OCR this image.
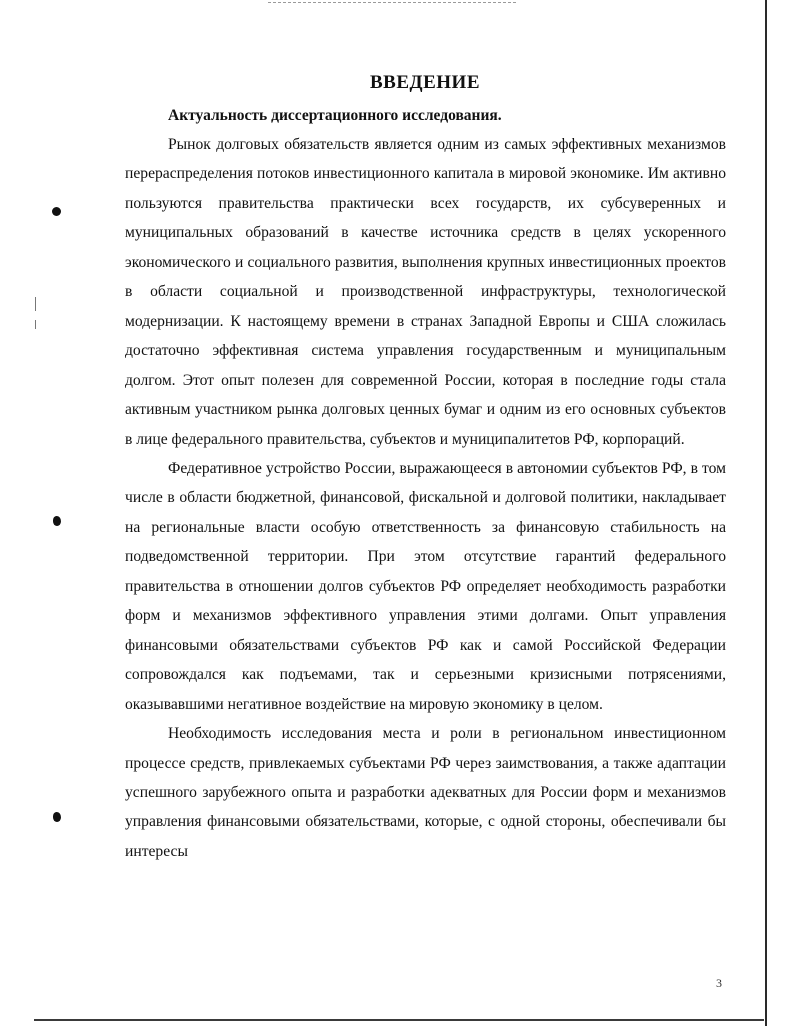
ВВЕДЕНИЕ
Актуальность диссертационного исследования.

Рынок долговых обязательств является одним из самых эффективных механизмов перераспределения потоков инвестиционного капитала в мировой экономике. Им активно пользуются правительства практически всех государств, их субсуверенных и муниципальных образований в качестве источника средств в целях ускоренного экономического и социального развития, выполнения крупных инвестиционных проектов в области социальной и производственной инфраструктуры, технологической модернизации. К настоящему времени в странах Западной Европы и США сложилась достаточно эффективная система управления государственным и муниципальным долгом. Этот опыт полезен для современной России, которая в последние годы стала активным участником рынка долговых ценных бумаг и одним из его основных субъектов в лице федерального правительства, субъектов и муниципалитетов РФ, корпораций.

Федеративное устройство России, выражающееся в автономии субъектов РФ, в том числе в области бюджетной, финансовой, фискальной и долговой политики, накладывает на региональные власти особую ответственность за финансовую стабильность на подведомственной территории. При этом отсутствие гарантий федерального правительства в отношении долгов субъектов РФ определяет необходимость разработки форм и механизмов эффективного управления этими долгами. Опыт управления финансовыми обязательствами субъектов РФ как и самой Российской Федерации сопровождался как подъемами, так и серьезными кризисными потрясениями, оказывавшими негативное воздействие на мировую экономику в целом.

Необходимость исследования места и роли в региональном инвестиционном процессе средств, привлекаемых субъектами РФ через заимствования, а также адаптации успешного зарубежного опыта и разработки адекватных для России форм и механизмов управления финансовыми обязательствами, которые, с одной стороны, обеспечивали бы интересы

3
